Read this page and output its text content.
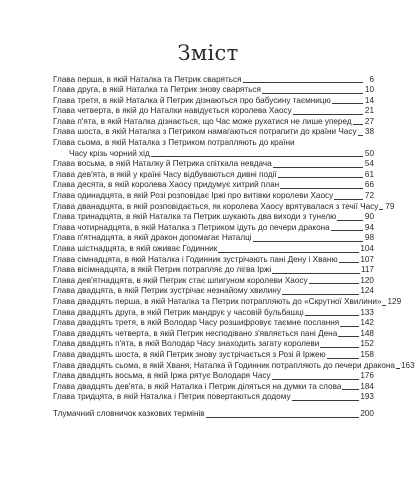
Зміст
Глава перша, в якій Наталка та Петрик сваряться	6
Глава друга, в якій Наталка та Петрик знову сваряться	10
Глава третя, в якій Наталка й Петрик дізнаються про бабусину таємницю	14
Глава четверта, в якій до Наталки навідується королева Хаосу	21
Глава п'ята, в якій Наталка дізнається, що Час може рухатися не лише уперед 27
Глава шоста, в якій Наталка з Петриком намагаються потрапити до країни Часу 38
Глава сьома, в якій Наталка з Петриком потрапляють до країни
Часу крізь чорний хід	50
Глава восьма, в якій Наталку й Петрика спіткала невдача	54
Глава дев'ята, в якій у країні Часу відбуваються дивні події	61
Глава десята, в якій королева Хаосу придумує хитрий план	66
Глава одинадцята, в якій Розі розповідає Іржі про витівки королеви Хаосу	72
Глава дванадцята, в якій розповідається, як королева Хаосу врятувалася з течії Часу 79
Глава тринадцята, в якій Наталка та Петрик шукають два виходи з тунелю	90
Глава чотирнадцята, в якій Наталка з Петриком ідуть до печери дракона	94
Глава п'ятнадцята, в якій дракон допомагає Наталці	98
Глава шістнадцята, в якій оживає Годинник	104
Глава сімнадцята, в якій Наталка і Годинник зустрічають пані Дену і Хваню	107
Глава вісімнадцята, в якій Петрик потрапляє до лігва Іржі	117
Глава дев'ятнадцята, в якій Петрик стає шпигуном королеви Хаосу	120
Глава двадцята, в якій Петрик зустрічає незнайому хвилину	124
Глава двадцять перша, в якій Наталка та Петрик потрапляють до «Скрутної Хвилини» 129
Глава двадцять друга, в якій Петрик мандрує у часовій бульбашці	133
Глава двадцять третя, в якій Володар Часу розшифровує таємне послання	142
Глава двадцять четверта, в якій Петрик несподівано з'являється пані Дена	148
Глава двадцять п'ята, в якій Володар Часу знаходить загату королеви	152
Глава двадцять шоста, в якій Петрик знову зустрічається з Розі й Іржею	158
Глава двадцять сьома, в якій Хваня, Наталка й Годинник потрапляють до печери дракона 163
Глава двадцять восьма, в якій Іржа рятує Володаря Часу	176
Глава двадцять дев'ята, в якій Наталка і Петрик діляться на думки та слова 184
Глава тридцята, в якій Наталка і Петрик повертаються додому	193
Тлумачний словничок казкових термінів	200
